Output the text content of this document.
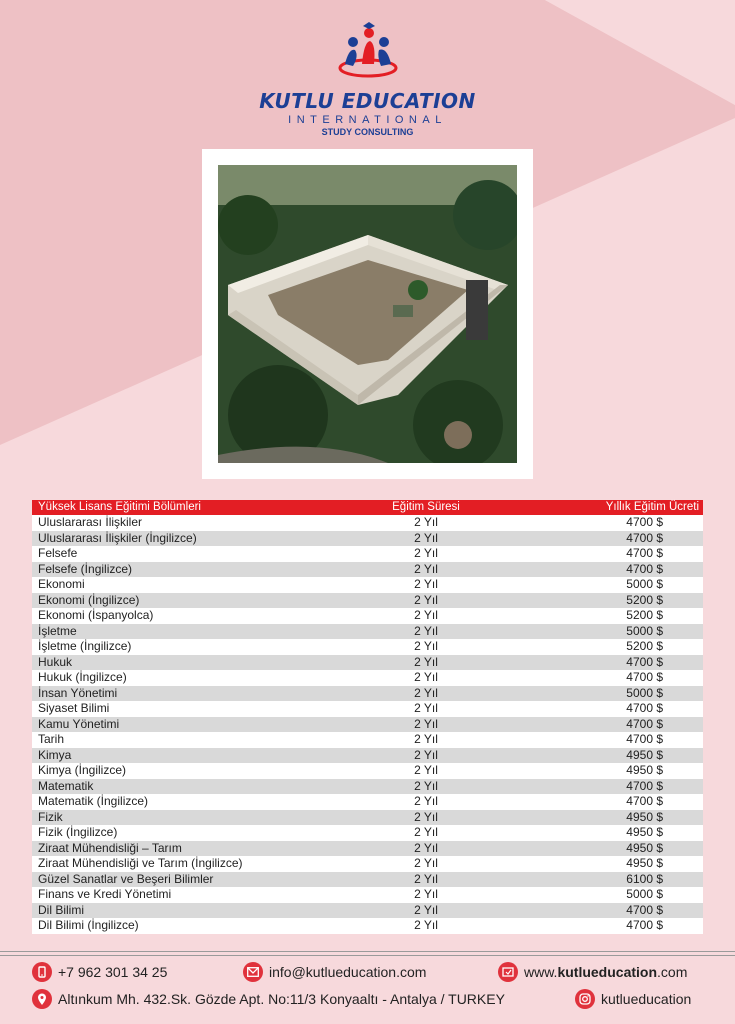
KUTLU EDUCATION
INTERNATIONAL
STUDY CONSULTING
Yüksek Lisans Eğitimi Bölümleri	Eğitim Süresi	Yıllık Eğitim Ücreti
Uluslararası İlişkiler	2 Yıl	4700 $
Uluslararası İlişkiler (İngilizce)	2 Yıl	4700 $
Felsefe	2 Yıl	4700 $
Felsefe (İngilizce)	2 Yıl	4700 $
Ekonomi	2 Yıl	5000 $
Ekonomi (İngilizce)	2 Yıl	5200 $
Ekonomi (İspanyolca)	2 Yıl	5200 $
İşletme	2 Yıl	5000 $
İşletme (İngilizce)	2 Yıl	5200 $
Hukuk	2 Yıl	4700 $
Hukuk (İngilizce)	2 Yıl	4700 $
İnsan Yönetimi	2 Yıl	5000 $
Siyaset Bilimi	2 Yıl	4700 $
Kamu Yönetimi	2 Yıl	4700 $
Tarih	2 Yıl	4700 $
Kimya	2 Yıl	4950 $
Kimya (İngilizce)	2 Yıl	4950 $
Matematik	2 Yıl	4700 $
Matematik (İngilizce)	2 Yıl	4700 $
Fizik	2 Yıl	4950 $
Fizik (İngilizce)	2 Yıl	4950 $
Ziraat Mühendisliği – Tarım	2 Yıl	4950 $
Ziraat Mühendisliği ve Tarım (İngilizce)	2 Yıl	4950 $
Güzel Sanatlar ve Beşeri Bilimler	2 Yıl	6100 $
Finans ve Kredi Yönetimi	2 Yıl	5000 $
Dil Bilimi	2 Yıl	4700 $
Dil Bilimi (İngilizce)	2 Yıl	4700 $
+7 962 301 34 25	info@kutlueducation.com	www. kutlueducation .com
Altınkum Mh. 432.Sk. Gözde Apt. No:11/3 Konyaaltı - Antalya / TURKEY	kutlueducation
